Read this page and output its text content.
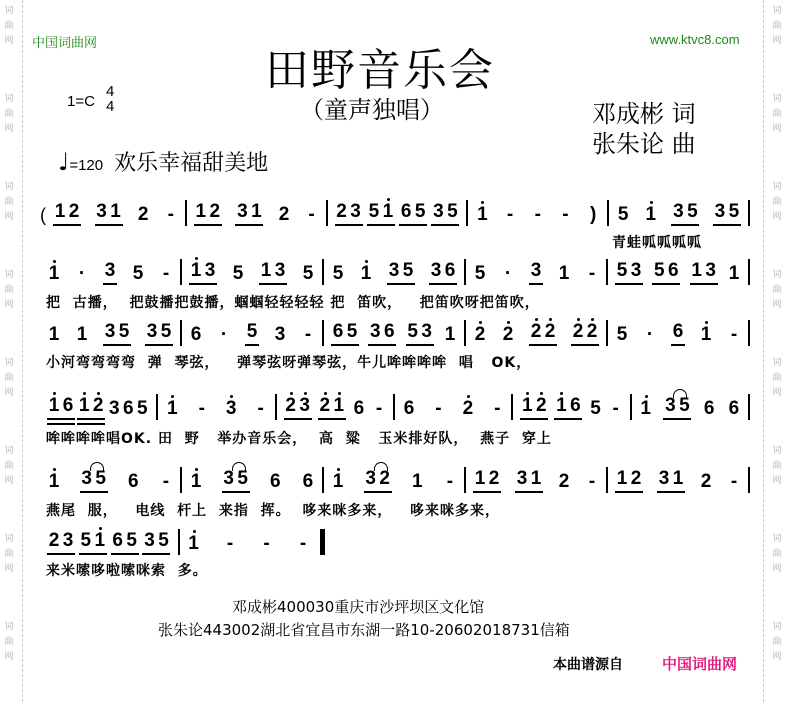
词
曲
网
词
曲
网
词
曲
网
词
曲
网
词
曲
网
词
曲
网
词
曲
网
词
曲
网
词
曲
网
词
曲
网
词
曲
网
词
曲
网
词
曲
网
词
曲
网
词
曲
网
词
曲
网
中国词曲网	www.ktvc8.com
田野音乐会
（童声独唱）
1=C
4
4	邓成彬 词
张朱论 曲
♩=120 欢乐幸福甜美地
( 1 2 3 1 2 - 1 2 3 1 2 - 2 3 5 1 6 5 3 5 1 - - - ) 5 1 3 5 3 5
青蛙呱呱呱呱
1 · 3 5 - 1 3 5 1 3 5 5 1 3 5 3 6 5 · 3 1 - 5 3 5 6 1 3 1
把  古播，  把鼓播把鼓播，蝈蝈轻轻轻轻 把  笛吹，   把笛吹呀把笛吹，
1 1 3 5 3 5 6 · 5 3 - 6 5 3 6 5 3 1 2 2 2 2 2 2 5 · 6 1 -
小河弯弯弯弯  弹  琴弦，   弹琴弦呀弹琴弦，牛儿哞哞哞哞  唱   OK，
1 6 1 2 3 6 5 1 - 3 - 2 3 2 1 6 - 6 - 2 - 1 2 1 6 5 - 1 3 5 6 6
哞哞哞哞唱OK. 田  野   举办音乐会，  高  粱   玉米排好队，  燕子  穿上
1 3 5 6 - 1 3 5 6 6 1 3 2 1 - 1 2 3 1 2 - 1 2 3 1 2 -
燕尾  服，   电线  杆上  来指  挥。  哆来咪多来，   哆来咪多来，
2 3 5 1 6 5 3 5 1 - - -
来米嗦哆啦嗦咪索  多。
邓成彬400030重庆市沙坪坝区文化馆
张朱论443002湖北省宜昌市东湖一路10-20602018731信箱
本曲谱源自	中国词曲网
